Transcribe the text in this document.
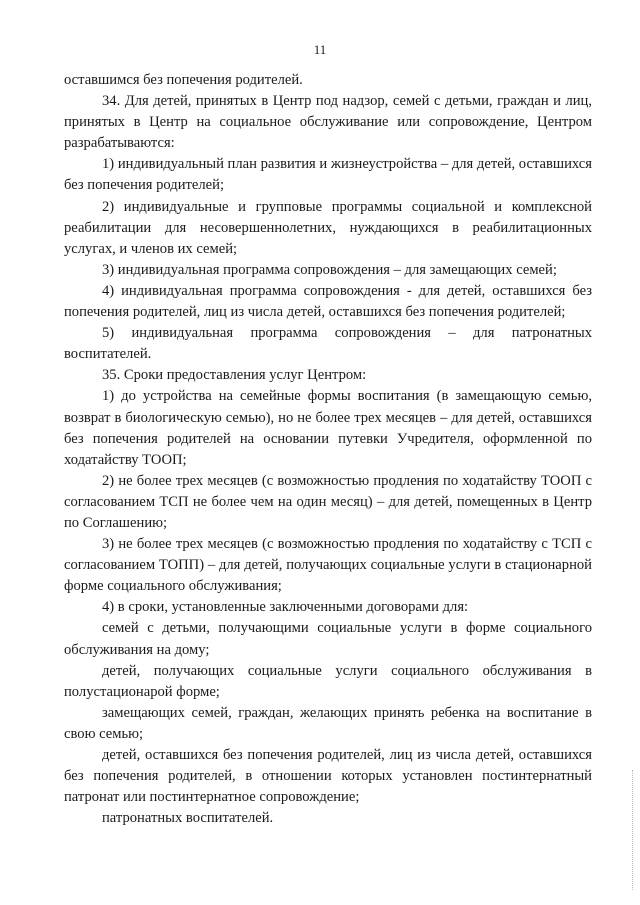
11

оставшимся без попечения родителей.

34. Для детей, принятых в Центр под надзор, семей с детьми, граждан и лиц, принятых в Центр на социальное обслуживание или сопровождение, Центром разрабатываются:

1) индивидуальный план развития и жизнеустройства – для детей, оставшихся без попечения родителей;

2) индивидуальные и групповые программы социальной и комплексной реабилитации для несовершеннолетних, нуждающихся в реабилитационных услугах, и членов их семей;

3) индивидуальная программа сопровождения – для замещающих семей;

4) индивидуальная программа сопровождения - для детей, оставшихся без попечения родителей, лиц из числа детей, оставшихся без попечения родителей;

5) индивидуальная программа сопровождения – для патронатных воспитателей.

35. Сроки предоставления услуг Центром:

1) до устройства на семейные формы воспитания (в замещающую семью, возврат в биологическую семью), но не более трех месяцев – для детей, оставшихся без попечения родителей на основании путевки Учредителя, оформленной по ходатайству ТООП;

2) не более трех месяцев (с возможностью продления по ходатайству ТООП с согласованием ТСП не более чем на один месяц) – для детей, помещенных в Центр по Соглашению;

3) не более трех месяцев (с возможностью продления по ходатайству с ТСП с согласованием ТОПП) – для детей, получающих социальные услуги в стационарной форме социального обслуживания;

4) в сроки, установленные заключенными договорами для:

семей с детьми, получающими социальные услуги в форме социального обслуживания на дому;

детей, получающих социальные услуги социального обслуживания в полустационарой форме;

замещающих семей, граждан, желающих принять ребенка на воспитание в свою семью;

детей, оставшихся без попечения родителей, лиц из числа детей, оставшихся без попечения родителей, в отношении которых установлен постинтернатный патронат или постинтернатное сопровождение;

патронатных воспитателей.
